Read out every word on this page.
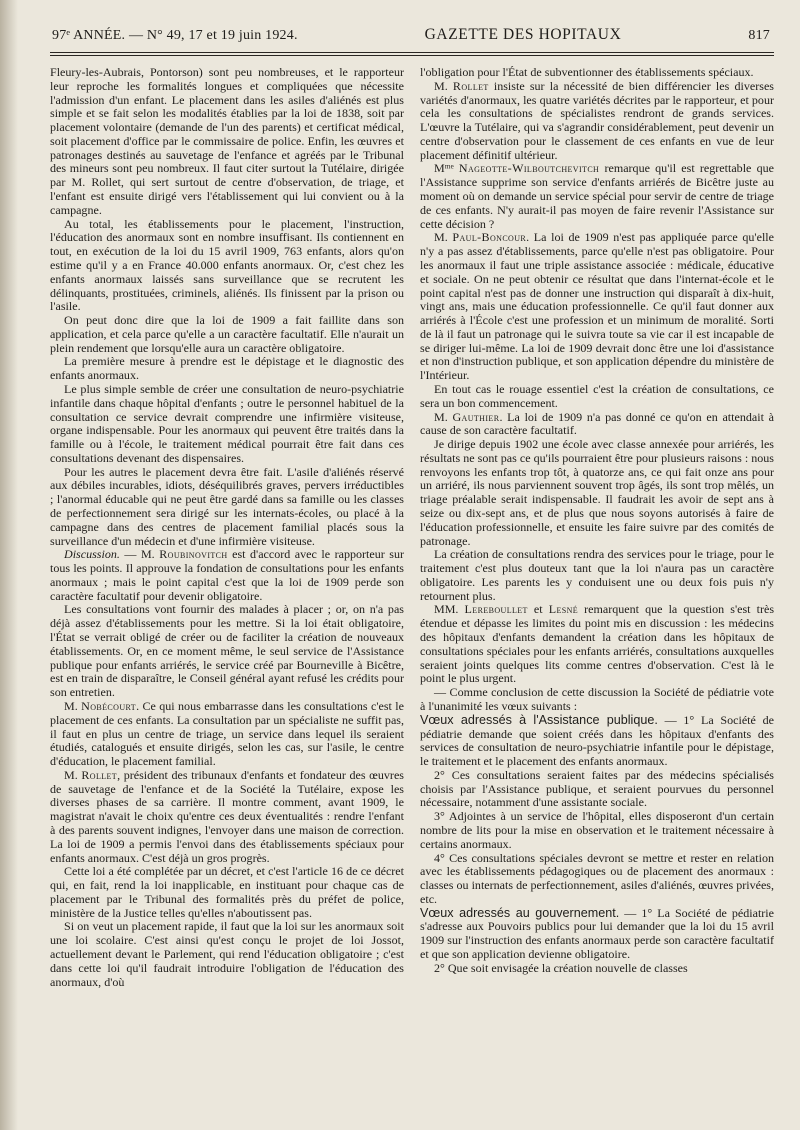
97ᵉ ANNÉE. — N° 49, 17 et 19 juin 1924.	GAZETTE DES HOPITAUX	817

Fleury-les-Aubrais, Pontorson) sont peu nombreuses, et le rapporteur leur reproche les formalités longues et compliquées que nécessite l'admission d'un enfant. Le placement dans les asiles d'aliénés est plus simple et se fait selon les modalités établies par la loi de 1838, soit par placement volontaire (demande de l'un des parents) et certificat médical, soit placement d'office par le commissaire de police. Enfin, les œuvres et patronages destinés au sauvetage de l'enfance et agréés par le Tribunal des mineurs sont peu nombreux. Il faut citer surtout la Tutélaire, dirigée par M. Rollet, qui sert surtout de centre d'observation, de triage, et l'enfant est ensuite dirigé vers l'établissement qui lui convient ou à la campagne.

Au total, les établissements pour le placement, l'instruction, l'éducation des anormaux sont en nombre insuffisant. Ils contiennent en tout, en exécution de la loi du 15 avril 1909, 763 enfants, alors qu'on estime qu'il y a en France 40.000 enfants anormaux. Or, c'est chez les enfants anormaux laissés sans surveillance que se recrutent les délinquants, prostituées, criminels, aliénés. Ils finissent par la prison ou l'asile.

On peut donc dire que la loi de 1909 a fait faillite dans son application, et cela parce qu'elle a un caractère facultatif. Elle n'aurait un plein rendement que lorsqu'elle aura un caractère obligatoire.

La première mesure à prendre est le dépistage et le diagnostic des enfants anormaux.

Le plus simple semble de créer une consultation de neuro-psychiatrie infantile dans chaque hôpital d'enfants ; outre le personnel habituel de la consultation ce service devrait comprendre une infirmière visiteuse, organe indispensable. Pour les anormaux qui peuvent être traités dans la famille ou à l'école, le traitement médical pourrait être fait dans ces consultations devenant des dispensaires.

Pour les autres le placement devra être fait. L'asile d'aliénés réservé aux débiles incurables, idiots, déséquilibrés graves, pervers irréductibles ; l'anormal éducable qui ne peut être gardé dans sa famille ou les classes de perfectionnement sera dirigé sur les internats-écoles, ou placé à la campagne dans des centres de placement familial placés sous la surveillance d'un médecin et d'une infirmière visiteuse.

Discussion. — M. Roubinovitch est d'accord avec le rapporteur sur tous les points. Il approuve la fondation de consultations pour les enfants anormaux ; mais le point capital c'est que la loi de 1909 perde son caractère facultatif pour devenir obligatoire.

Les consultations vont fournir des malades à placer ; or, on n'a pas déjà assez d'établissements pour les mettre. Si la loi était obligatoire, l'État se verrait obligé de créer ou de faciliter la création de nouveaux établissements. Or, en ce moment même, le seul service de l'Assistance publique pour enfants arriérés, le service créé par Bourneville à Bicêtre, est en train de disparaître, le Conseil général ayant refusé les crédits pour son entretien.

M. Nobécourt. Ce qui nous embarrasse dans les consultations c'est le placement de ces enfants. La consultation par un spécialiste ne suffit pas, il faut en plus un centre de triage, un service dans lequel ils seraient étudiés, catalogués et ensuite dirigés, selon les cas, sur l'asile, le centre d'éducation, le placement familial.

M. Rollet, président des tribunaux d'enfants et fondateur des œuvres de sauvetage de l'enfance et de la Société la Tutélaire, expose les diverses phases de sa carrière. Il montre comment, avant 1909, le magistrat n'avait le choix qu'entre ces deux éventualités : rendre l'enfant à des parents souvent indignes, l'envoyer dans une maison de correction. La loi de 1909 a permis l'envoi dans des établissements spéciaux pour enfants anormaux. C'est déjà un gros progrès.

Cette loi a été complétée par un décret, et c'est l'article 16 de ce décret qui, en fait, rend la loi inapplicable, en instituant pour chaque cas de placement par le Tribunal des formalités près du préfet de police, ministère de la Justice telles qu'elles n'aboutissent pas.

Si on veut un placement rapide, il faut que la loi sur les anormaux soit une loi scolaire. C'est ainsi qu'est conçu le projet de loi Jossot, actuellement devant le Parlement, qui rend l'éducation obligatoire ; c'est dans cette loi qu'il faudrait introduire l'obligation de l'éducation des anormaux, d'où

l'obligation pour l'État de subventionner des établissements spéciaux.

M. Rollet insiste sur la nécessité de bien différencier les diverses variétés d'anormaux, les quatre variétés décrites par le rapporteur, et pour cela les consultations de spécialistes rendront de grands services. L'œuvre la Tutélaire, qui va s'agrandir considérablement, peut devenir un centre d'observation pour le classement de ces enfants en vue de leur placement définitif ultérieur.

Mᵐᵉ Nageotte-Wilboutchevitch remarque qu'il est regrettable que l'Assistance supprime son service d'enfants arriérés de Bicêtre juste au moment où on demande un service spécial pour servir de centre de triage de ces enfants. N'y aurait-il pas moyen de faire revenir l'Assistance sur cette décision ?

M. Paul-Boncour. La loi de 1909 n'est pas appliquée parce qu'elle n'y a pas assez d'établissements, parce qu'elle n'est pas obligatoire. Pour les anormaux il faut une triple assistance associée : médicale, éducative et sociale. On ne peut obtenir ce résultat que dans l'internat-école et le point capital n'est pas de donner une instruction qui disparaît à dix-huit, vingt ans, mais une éducation professionnelle. Ce qu'il faut donner aux arriérés à l'École c'est une profession et un minimum de moralité. Sorti de là il faut un patronage qui le suivra toute sa vie car il est incapable de se diriger lui-même. La loi de 1909 devrait donc être une loi d'assistance et non d'instruction publique, et son application dépendre du ministère de l'Intérieur.

En tout cas le rouage essentiel c'est la création de consultations, ce sera un bon commencement.

M. Gauthier. La loi de 1909 n'a pas donné ce qu'on en attendait à cause de son caractère facultatif.

Je dirige depuis 1902 une école avec classe annexée pour arriérés, les résultats ne sont pas ce qu'ils pourraient être pour plusieurs raisons : nous renvoyons les enfants trop tôt, à quatorze ans, ce qui fait onze ans pour un arriéré, ils nous parviennent souvent trop âgés, ils sont trop mêlés, un triage préalable serait indispensable. Il faudrait les avoir de sept ans à seize ou dix-sept ans, et de plus que nous soyons autorisés à faire de l'éducation professionnelle, et ensuite les faire suivre par des comités de patronage.

La création de consultations rendra des services pour le triage, pour le traitement c'est plus douteux tant que la loi n'aura pas un caractère obligatoire. Les parents les y conduisent une ou deux fois puis n'y retournent plus.

MM. Lereboullet et Lesné remarquent que la question s'est très étendue et dépasse les limites du point mis en discussion : les médecins des hôpitaux d'enfants demandent la création dans les hôpitaux de consultations spéciales pour les enfants arriérés, consultations auxquelles seraient joints quelques lits comme centres d'observation. C'est là le point le plus urgent.

— Comme conclusion de cette discussion la Société de pédiatrie vote à l'unanimité les vœux suivants :

Vœux adressés à l'Assistance publique. — 1° La Société de pédiatrie demande que soient créés dans les hôpitaux d'enfants des services de consultation de neuro-psychiatrie infantile pour le dépistage, le traitement et le placement des enfants anormaux.

2° Ces consultations seraient faites par des médecins spécialisés choisis par l'Assistance publique, et seraient pourvues du personnel nécessaire, notamment d'une assistante sociale.

3° Adjointes à un service de l'hôpital, elles disposeront d'un certain nombre de lits pour la mise en observation et le traitement nécessaire à certains anormaux.

4° Ces consultations spéciales devront se mettre et rester en relation avec les établissements pédagogiques ou de placement des anormaux : classes ou internats de perfectionnement, asiles d'aliénés, œuvres privées, etc.

Vœux adressés au gouvernement. — 1° La Société de pédiatrie s'adresse aux Pouvoirs publics pour lui demander que la loi du 15 avril 1909 sur l'instruction des enfants anormaux perde son caractère facultatif et que son application devienne obligatoire.

2° Que soit envisagée la création nouvelle de classes
